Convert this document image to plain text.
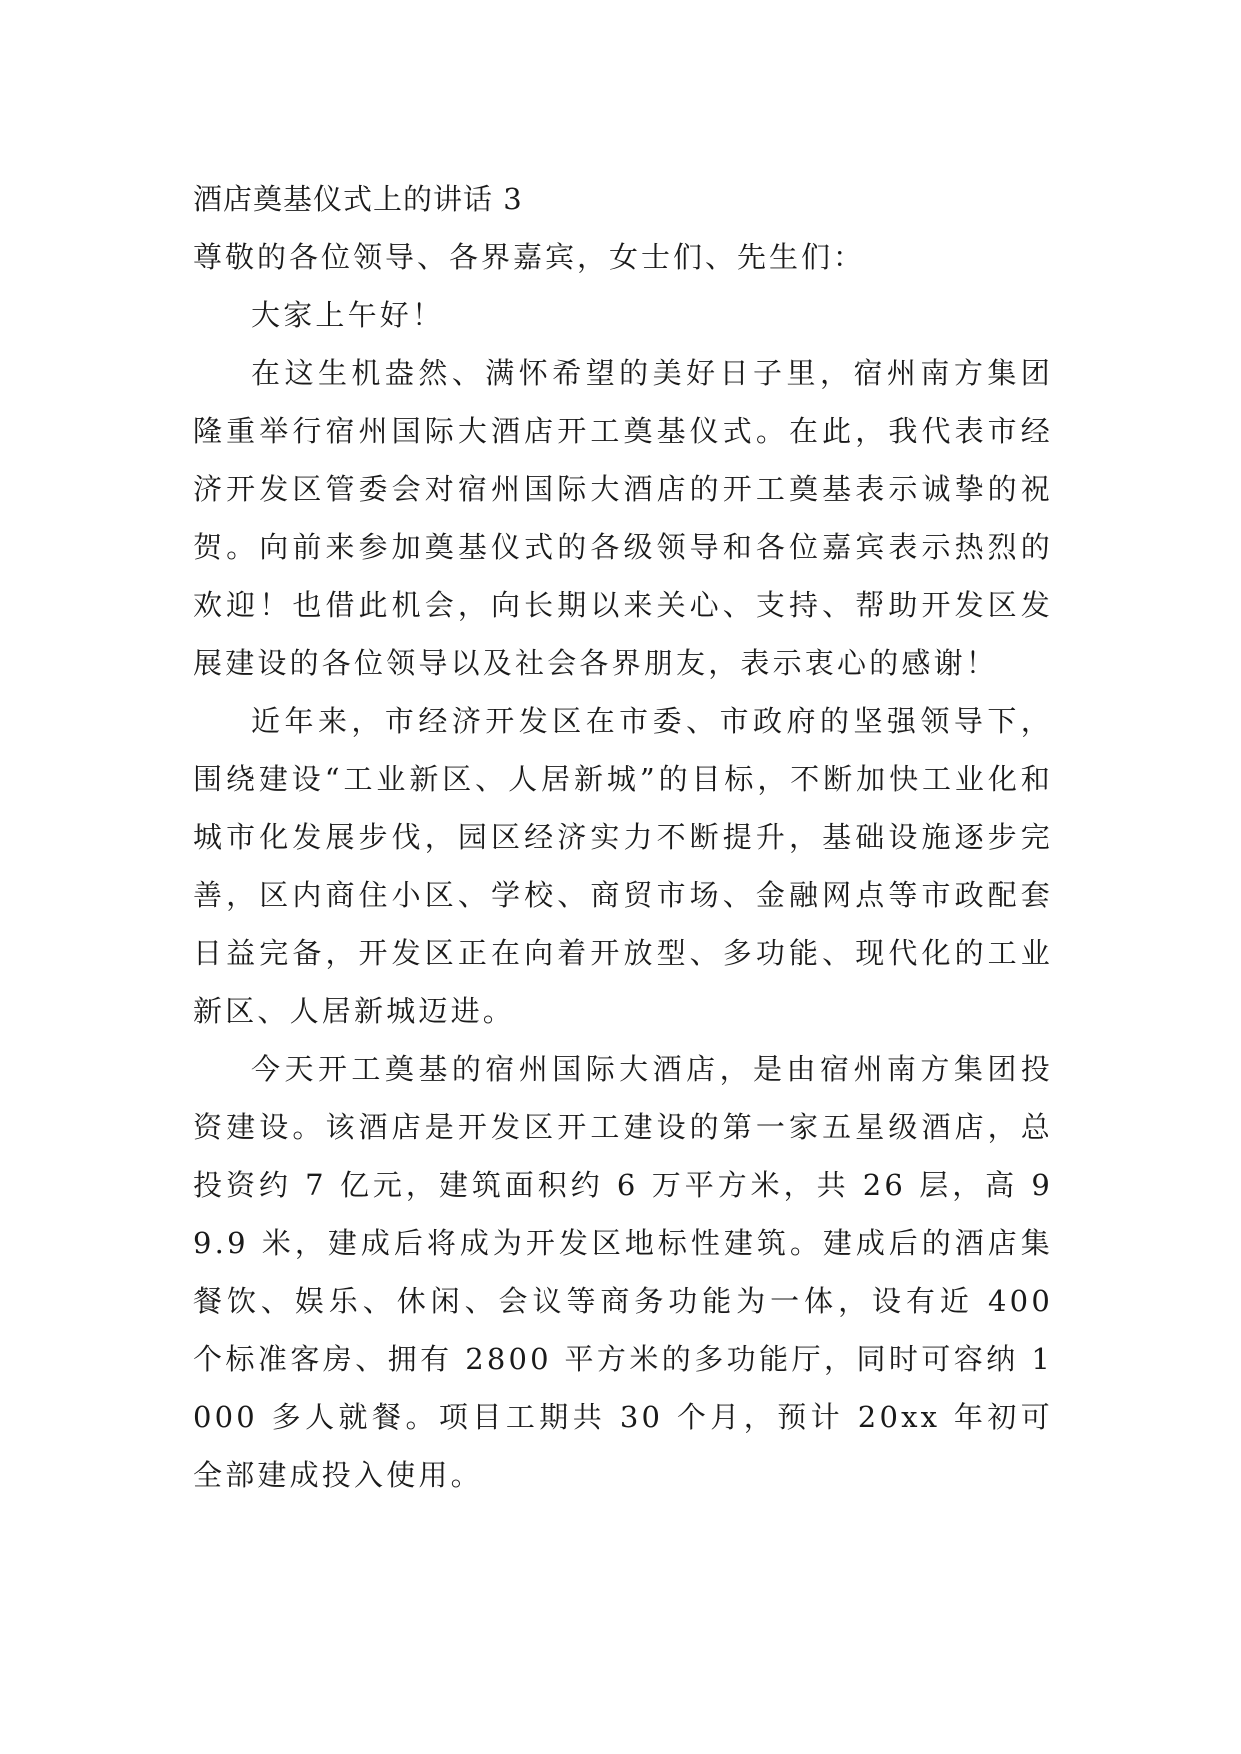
酒店奠基仪式上的讲话 3

尊敬的各位领导、各界嘉宾，女士们、先生们：

大家上午好！

在这生机盎然、满怀希望的美好日子里，宿州南方集团隆重举行宿州国际大酒店开工奠基仪式。在此，我代表市经济开发区管委会对宿州国际大酒店的开工奠基表示诚挚的祝贺。向前来参加奠基仪式的各级领导和各位嘉宾表示热烈的欢迎！也借此机会，向长期以来关心、支持、帮助开发区发展建设的各位领导以及社会各界朋友，表示衷心的感谢！

近年来，市经济开发区在市委、市政府的坚强领导下，围绕建设“工业新区、人居新城”的目标，不断加快工业化和城市化发展步伐，园区经济实力不断提升，基础设施逐步完善，区内商住小区、学校、商贸市场、金融网点等市政配套日益完备，开发区正在向着开放型、多功能、现代化的工业新区、人居新城迈进。

今天开工奠基的宿州国际大酒店，是由宿州南方集团投资建设。该酒店是开发区开工建设的第一家五星级酒店，总投资约 7 亿元，建筑面积约 6 万平方米，共 26 层，高 99.9 米，建成后将成为开发区地标性建筑。建成后的酒店集餐饮、娱乐、休闲、会议等商务功能为一体，设有近 400 个标准客房、拥有 2800 平方米的多功能厅，同时可容纳 1000 多人就餐。项目工期共 30 个月，预计 20xx 年初可全部建成投入使用。
